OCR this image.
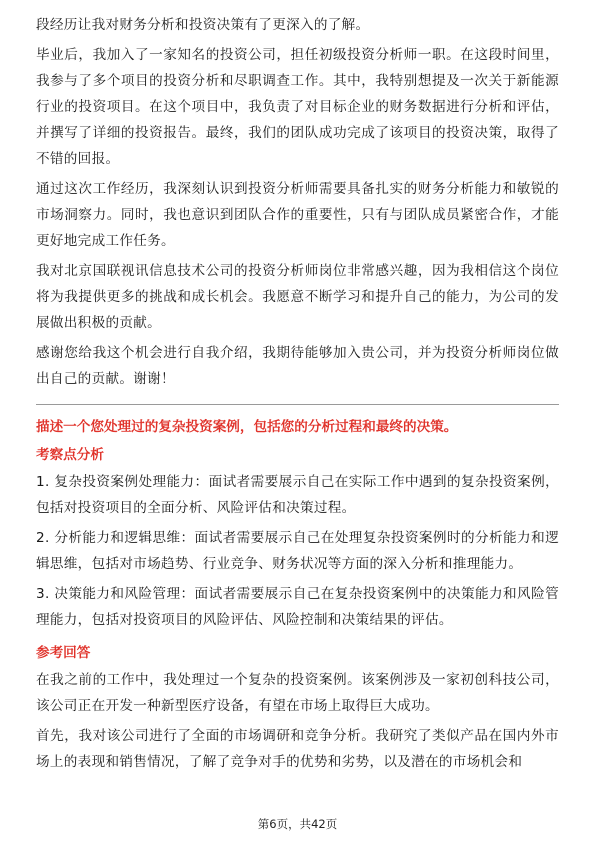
段经历让我对财务分析和投资决策有了更深入的了解。

毕业后，我加入了一家知名的投资公司，担任初级投资分析师一职。在这段时间里，我参与了多个项目的投资分析和尽职调查工作。其中，我特别想提及一次关于新能源行业的投资项目。在这个项目中，我负责了对目标企业的财务数据进行分析和评估，并撰写了详细的投资报告。最终，我们的团队成功完成了该项目的投资决策，取得了不错的回报。

通过这次工作经历，我深刻认识到投资分析师需要具备扎实的财务分析能力和敏锐的市场洞察力。同时，我也意识到团队合作的重要性，只有与团队成员紧密合作，才能更好地完成工作任务。

我对北京国联视讯信息技术公司的投资分析师岗位非常感兴趣，因为我相信这个岗位将为我提供更多的挑战和成长机会。我愿意不断学习和提升自己的能力，为公司的发展做出积极的贡献。

感谢您给我这个机会进行自我介绍，我期待能够加入贵公司，并为投资分析师岗位做出自己的贡献。谢谢！

描述一个您处理过的复杂投资案例，包括您的分析过程和最终的决策。

考察点分析

1. 复杂投资案例处理能力：面试者需要展示自己在实际工作中遇到的复杂投资案例，包括对投资项目的全面分析、风险评估和决策过程。

2. 分析能力和逻辑思维：面试者需要展示自己在处理复杂投资案例时的分析能力和逻辑思维，包括对市场趋势、行业竞争、财务状况等方面的深入分析和推理能力。

3. 决策能力和风险管理：面试者需要展示自己在复杂投资案例中的决策能力和风险管理能力，包括对投资项目的风险评估、风险控制和决策结果的评估。

参考回答

在我之前的工作中，我处理过一个复杂的投资案例。该案例涉及一家初创科技公司，该公司正在开发一种新型医疗设备，有望在市场上取得巨大成功。

首先，我对该公司进行了全面的市场调研和竞争分析。我研究了类似产品在国内外市场上的表现和销售情况，了解了竞争对手的优势和劣势，以及潜在的市场机会和

第6页，共42页
